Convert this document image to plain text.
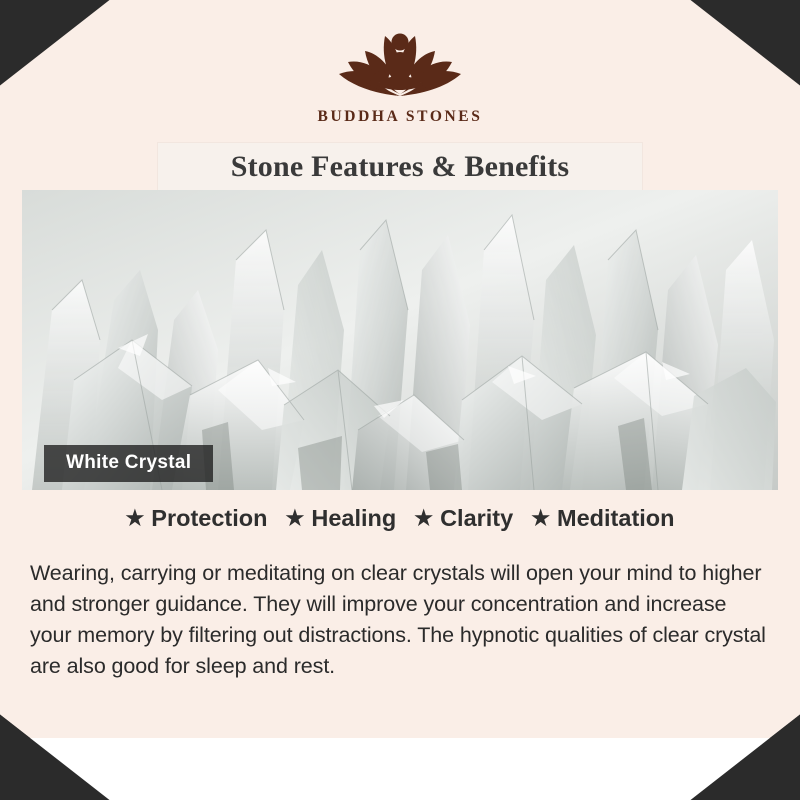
BUDDHA STONES
Stone Features & Benefits
White Crystal
★ Protection ★ Healing ★ Clarity ★ Meditation
Wearing, carrying or meditating on clear crystals will open your mind to higher and stronger guidance. They will improve your concentration and increase your memory by filtering out distractions. The hypnotic qualities of clear crystal are also good for sleep and rest.
